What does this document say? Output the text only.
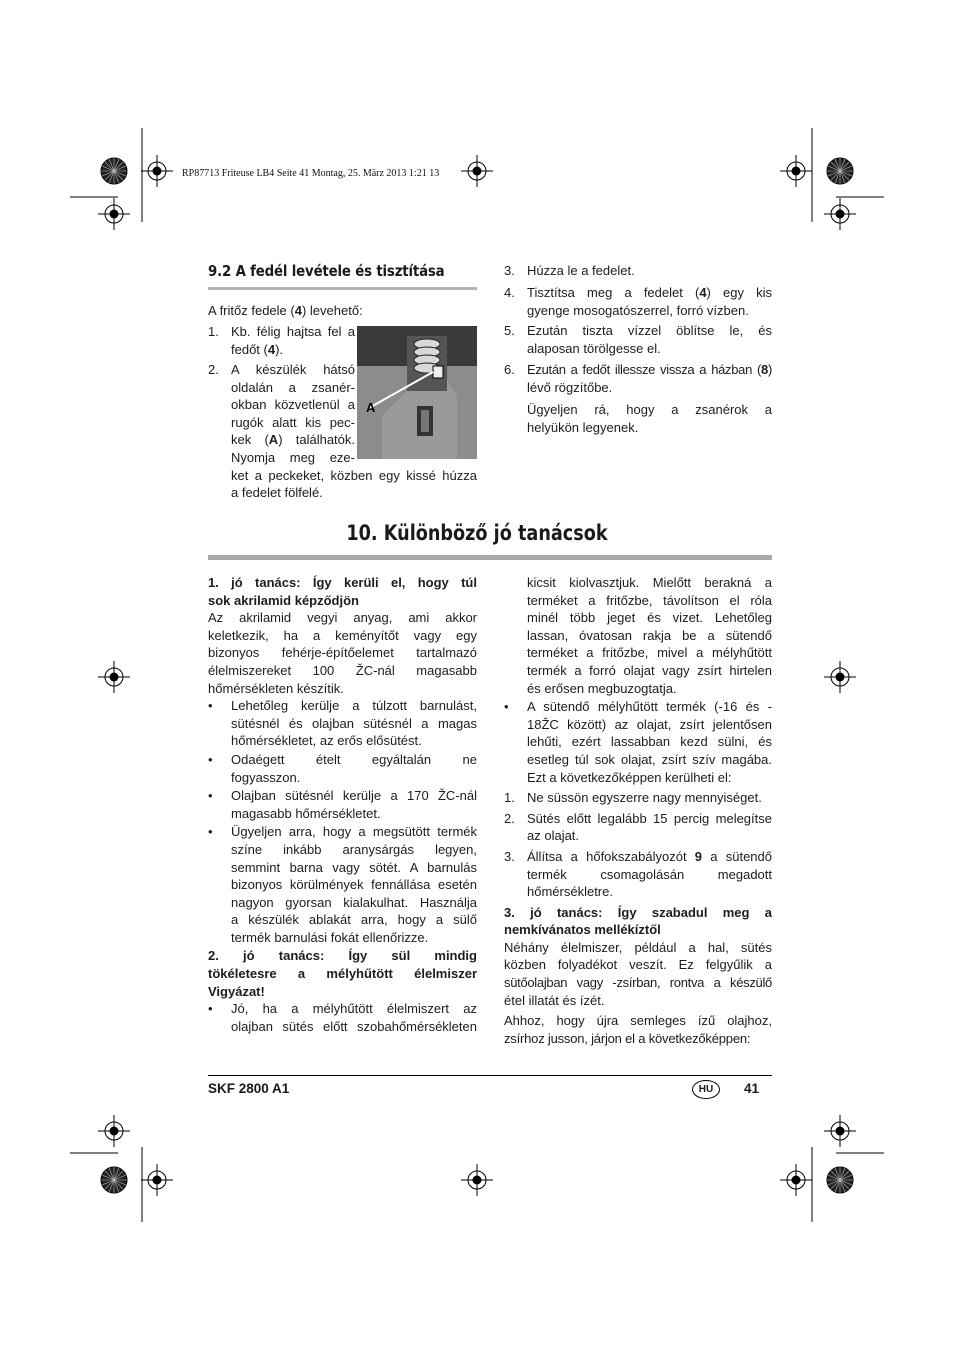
RP87713 Friteuse LB4 Seite 41 Montag, 25. März 2013 1:21 13
9.2 A fedél levétele és tisztítása
A fritőz fedele (4) levehető:
A
1. Kb. félig hajtsa fel a

fedőt (4).

2. A készülék hátsó

oldalán a zsanér-

okban közvetlenül a

rugók alatt kis pec-

kek (A) találhatók.

Nyomja meg eze-

ket a peckeket, közben egy kissé húzza

a fedelet fölfelé.

3. Húzza le a fedelet.

4. Tisztítsa meg a fedelet (4) egy kis

gyenge mosogatószerrel, forró vízben.

5. Ezután tiszta vízzel öblítse le, és

alaposan törölgesse el.

6. Ezután a fedőt illessze vissza a házban (8)

lévő rögzítőbe.

Ügyeljen rá, hogy a zsanérok a

helyükön legyenek.

10. Különböző jó tanácsok

1. jó tanács: Így kerüli el, hogy túl

sok akrilamid képződjön

Az akrilamid vegyi anyag, ami akkor

keletkezik, ha a keményítőt vagy egy

bizonyos fehérje-építőelemet tartalmazó

élelmiszereket 100 ŽC-nál magasabb

hőmérsékleten készítik.

• Lehetőleg kerülje a túlzott barnulást,

sütésnél és olajban sütésnél a magas

hőmérsékletet, az erős elősütést.

• Odaégett ételt egyáltalán ne

fogyasszon.

• Olajban sütésnél kerülje a 170 ŽC-nál

magasabb hőmérsékletet.

• Ügyeljen arra, hogy a megsütött termék

színe inkább aranysárgás legyen,

semmint barna vagy sötét. A barnulás

bizonyos körülmények fennállása esetén

nagyon gyorsan kialakulhat. Használja

a készülék ablakát arra, hogy a sülő

termék barnulási fokát ellenőrizze.

2. jó tanács: Így sül mindig

tökéletesre a mélyhűtött élelmiszer

Vigyázat!

• Jó, ha a mélyhűtött élelmiszert az

olajban sütés előtt szobahőmérsékleten

kicsit kiolvasztjuk. Mielőtt berakná a

terméket a fritőzbe, távolítson el róla

minél több jeget és vizet. Lehetőleg

lassan, óvatosan rakja be a sütendő

terméket a fritőzbe, mivel a mélyhűtött

termék a forró olajat vagy zsírt hirtelen

és erősen megbuzogtatja.

• A sütendő mélyhűtött termék (-16 és -

18ŽC között) az olajat, zsírt jelentősen

lehűti, ezért lassabban kezd sülni, és

esetleg túl sok olajat, zsírt szív magába.

Ezt a következőképpen kerülheti el:

1. Ne süssön egyszerre nagy mennyiséget.

2. Sütés előtt legalább 15 percig melegítse

az olajat.

3. Állítsa a hőfokszabályozót 9 a sütendő

termék csomagolásán megadott

hőmérsékletre.

3. jó tanács: Így szabadul meg a

nemkívánatos mellékíztől

Néhány élelmiszer, például a hal, sütés

közben folyadékot veszít. Ez felgyűlik a

sütőolajban vagy -zsírban, rontva a készülő

étel illatát és ízét.

Ahhoz, hogy újra semleges ízű olajhoz,

zsírhoz jusson, járjon el a következőképpen:

SKF 2800 A1	HU	41
